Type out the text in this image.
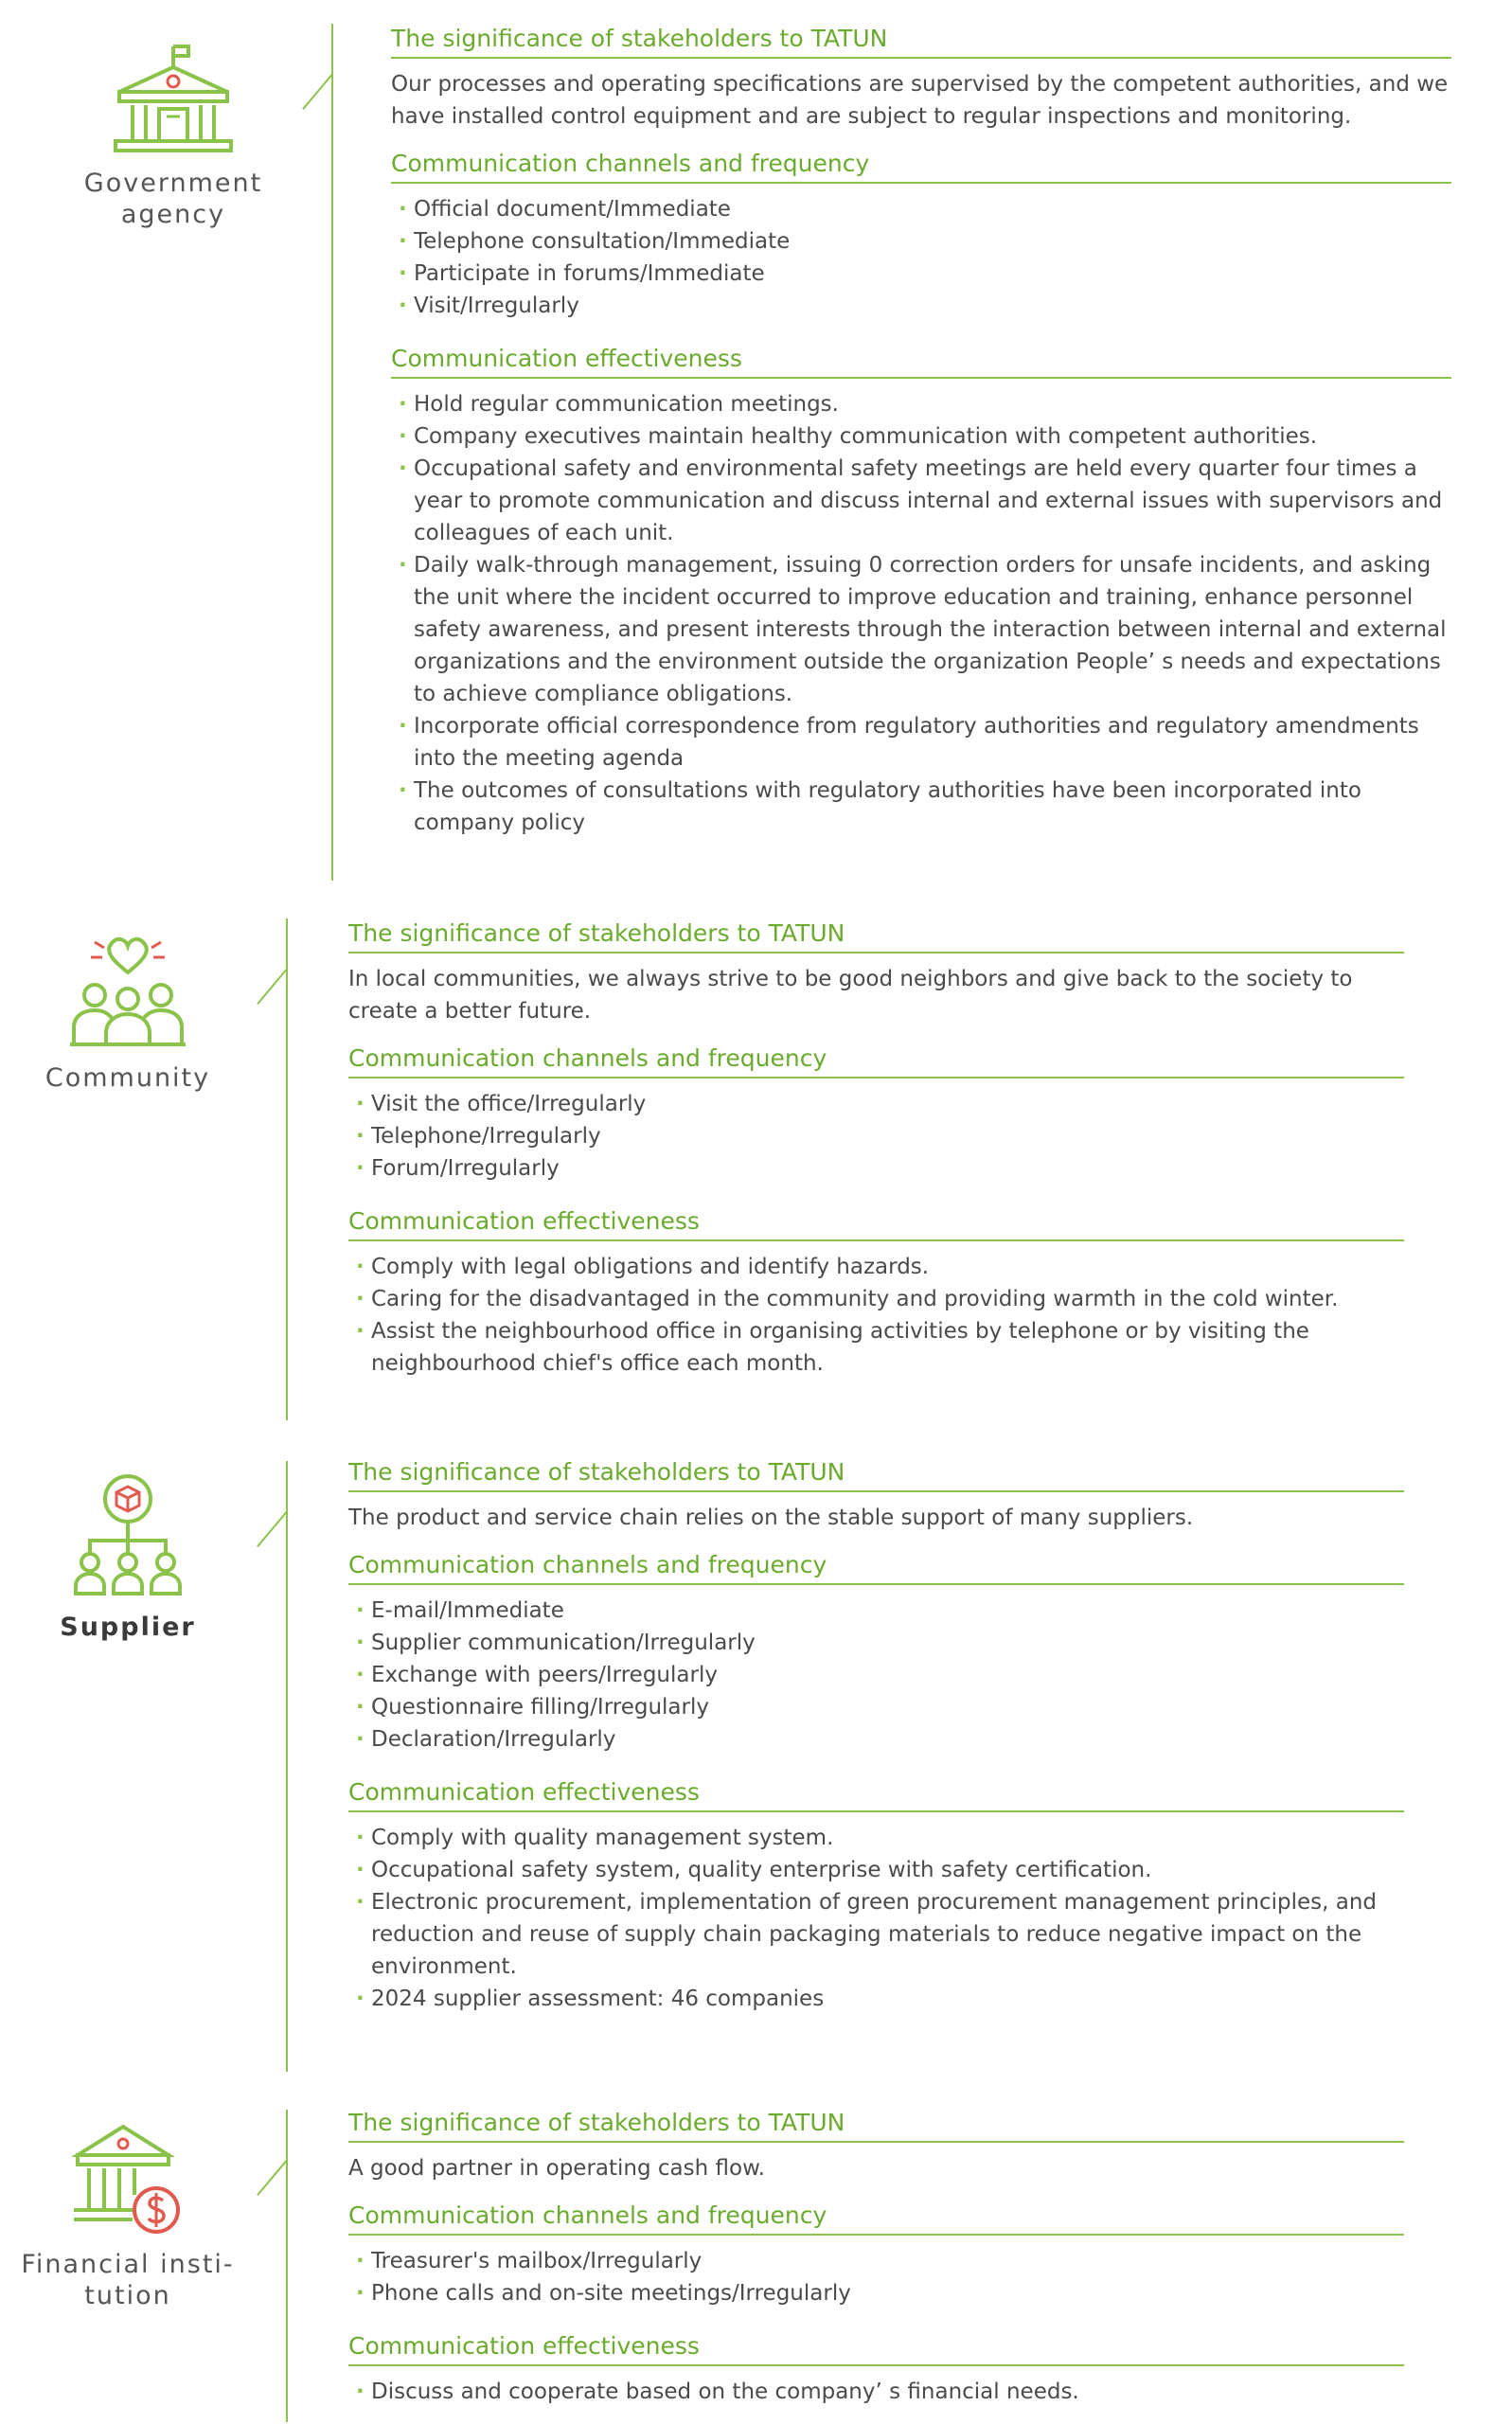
Government agency
The significance of stakeholders to TATUN

Our processes and operating specifications are supervised by the competent authorities, and we have installed control equipment and are subject to regular inspections and monitoring.

Communication channels and frequency
· Official document/Immediate
· Telephone consultation/Immediate
· Participate in forums/Immediate
· Visit/Irregularly
Communication effectiveness
· Hold regular communication meetings.
· Company executives maintain healthy communication with competent authorities.
· Occupational safety and environmental safety meetings are held every quarter four times a year to promote communication and discuss internal and external issues with supervisors and colleagues of each unit.
· Daily walk-through management, issuing 0 correction orders for unsafe incidents, and asking the unit where the incident occurred to improve education and training, enhance personnel safety awareness, and present interests through the interaction between internal and external organizations and the environment outside the organization People’ s needs and expectations to achieve compliance obligations.
· Incorporate official correspondence from regulatory authorities and regulatory amendments into the meeting agenda
· The outcomes of consultations with regulatory authorities have been incorporated into company policy
Community
The significance of stakeholders to TATUN

In local communities, we always strive to be good neighbors and give back to the society to create a better future.

Communication channels and frequency
· Visit the office/Irregularly
· Telephone/Irregularly
· Forum/Irregularly
Communication effectiveness
· Comply with legal obligations and identify hazards.
· Caring for the disadvantaged in the community and providing warmth in the cold winter.
· Assist the neighbourhood office in organising activities by telephone or by visiting the neighbourhood chief's office each month.
Supplier
The significance of stakeholders to TATUN

The product and service chain relies on the stable support of many suppliers.

Communication channels and frequency
· E-mail/Immediate
· Supplier communication/Irregularly
· Exchange with peers/Irregularly
· Questionnaire filling/Irregularly
· Declaration/Irregularly
Communication effectiveness
· Comply with quality management system.
· Occupational safety system, quality enterprise with safety certification.
· Electronic procurement, implementation of green procurement management principles, and reduction and reuse of supply chain packaging materials to reduce negative impact on the environment.
· 2024 supplier assessment: 46 companies
Financial insti-tution
The significance of stakeholders to TATUN

A good partner in operating cash flow.

Communication channels and frequency
· Treasurer's mailbox/Irregularly
· Phone calls and on-site meetings/Irregularly
Communication effectiveness
· Discuss and cooperate based on the company’ s financial needs.
